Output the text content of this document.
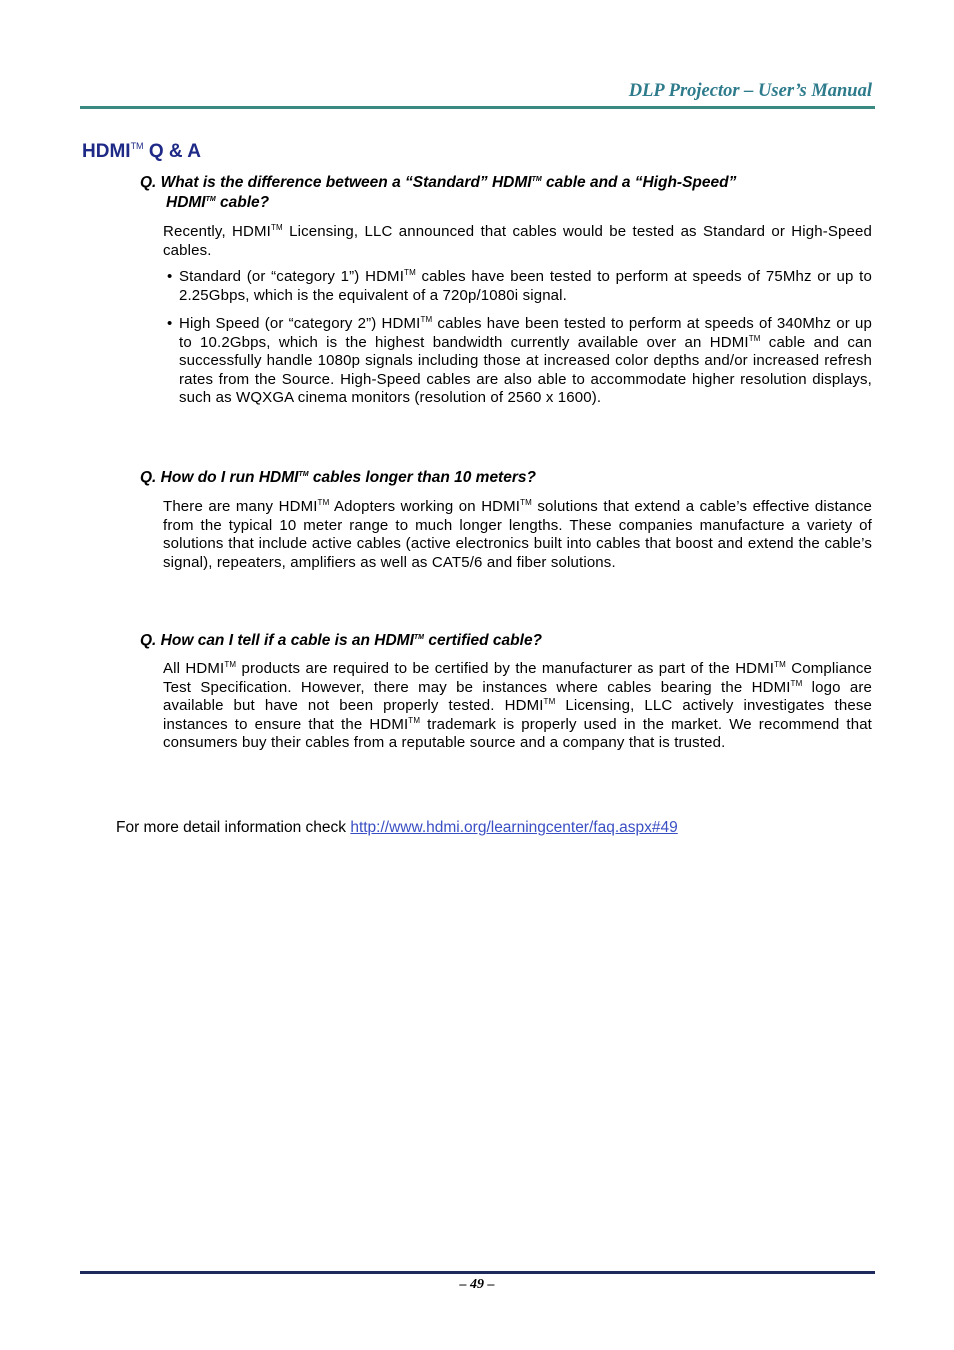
DLP Projector – User’s Manual
HDMI™ Q & A

Q. What is the difference between a “Standard” HDMI™ cable and a “High-Speed”
HDMI™ cable?

Recently, HDMI™ Licensing, LLC announced that cables would be tested as Standard or High-Speed cables.

• Standard (or “category 1”) HDMI™ cables have been tested to perform at speeds of 75Mhz or up to 2.25Gbps, which is the equivalent of a 720p/1080i signal.

• High Speed (or “category 2”) HDMI™ cables have been tested to perform at speeds of 340Mhz or up to 10.2Gbps, which is the highest bandwidth currently available over an HDMI™ cable and can successfully handle 1080p signals including those at increased color depths and/or increased refresh rates from the Source. High-Speed cables are also able to accommodate higher resolution displays, such as WQXGA cinema monitors (resolution of 2560 x 1600).

Q. How do I run HDMI™ cables longer than 10 meters?

There are many HDMI™ Adopters working on HDMI™ solutions that extend a cable’s effective distance from the typical 10 meter range to much longer lengths. These companies manufacture a variety of solutions that include active cables (active electronics built into cables that boost and extend the cable’s signal), repeaters, amplifiers as well as CAT5/6 and fiber solutions.

Q. How can I tell if a cable is an HDMI™ certified cable?

All HDMI™ products are required to be certified by the manufacturer as part of the HDMI™ Compliance Test Specification. However, there may be instances where cables bearing the HDMI™ logo are available but have not been properly tested. HDMI™ Licensing, LLC actively investigates these instances to ensure that the HDMI™ trademark is properly used in the market. We recommend that consumers buy their cables from a reputable source and a company that is trusted.

For more detail information check http://www.hdmi.org/learningcenter/faq.aspx#49

– 49 –
